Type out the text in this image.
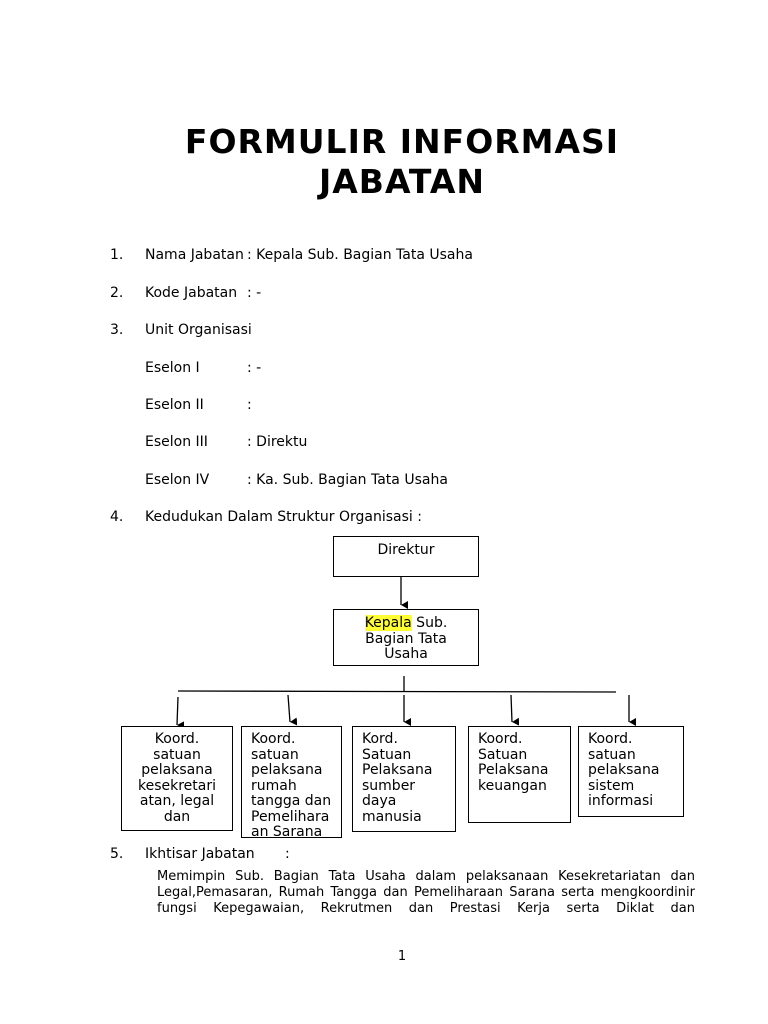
FORMULIR INFORMASI
JABATAN
1. Nama Jabatan : Kepala Sub. Bagian Tata Usaha
2. Kode Jabatan : -
3. Unit Organisasi
Eselon I	: -
Eselon II	:
Eselon III	: Direktu
Eselon IV	: Ka. Sub. Bagian Tata Usaha
4. Kedudukan Dalam Struktur Organisasi :
Direktur
Kepala Sub.
Bagian Tata
Usaha
Koord.
satuan
pelaksana
kesekretari
atan, legal
dan
Koord.
satuan
pelaksana
rumah
tangga dan
Pemelihara
an Sarana
Kord.
Satuan
Pelaksana
sumber
daya
manusia
Koord.
Satuan
Pelaksana
keuangan
Koord.
satuan
pelaksana
sistem
informasi
5. Ikhtisar Jabatan :
Memimpin Sub. Bagian Tata Usaha dalam pelaksanaan Kesekretariatan dan
Legal,Pemasaran, Rumah Tangga dan Pemeliharaan Sarana serta mengkoordinir
fungsi Kepegawaian, Rekrutmen dan Prestasi Kerja serta Diklat dan
1
